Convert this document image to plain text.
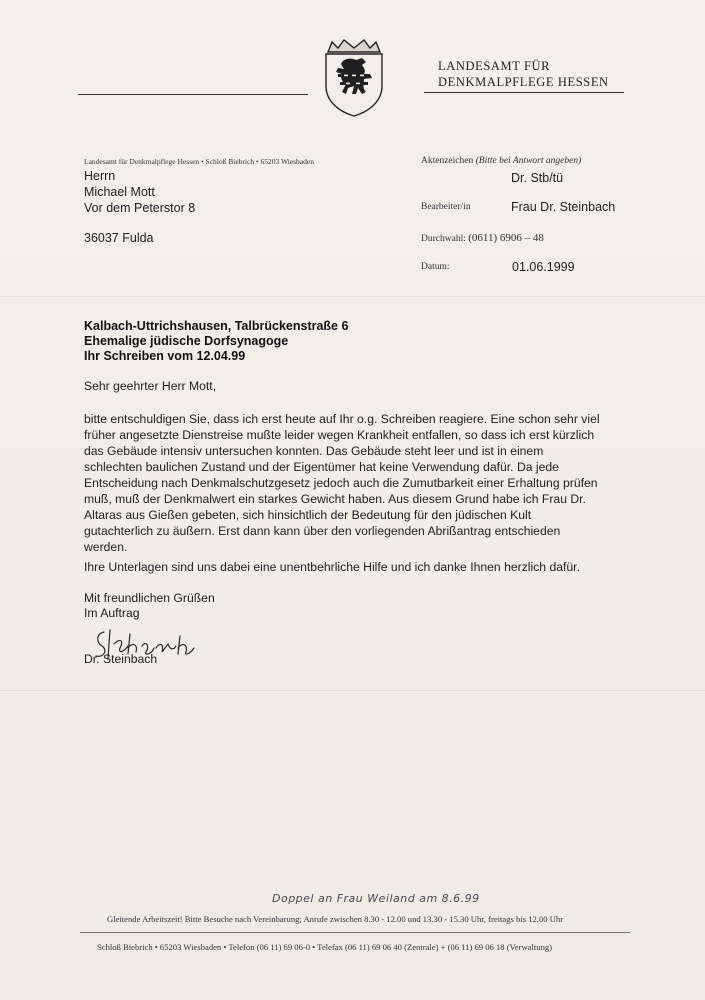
LANDESAMT FÜR
DENKMALPFLEGE HESSEN
Landesamt für Denkmalpflege Hessen • Schloß Biebrich • 65203 Wiesbaden
Herrn
Michael Mott
Vor dem Peterstor 8
36037 Fulda
Aktenzeichen (Bitte bei Antwort angeben)
Dr. Stb/tü
Bearbeiter/in	Frau Dr. Steinbach
Durchwahl: (0611) 6906 – 48
Datum:	01.06.1999
Kalbach-Uttrichshausen, Talbrückenstraße 6
Ehemalige jüdische Dorfsynagoge
Ihr Schreiben vom 12.04.99
Sehr geehrter Herr Mott,

bitte entschuldigen Sie, dass ich erst heute auf Ihr o.g. Schreiben reagiere. Eine schon sehr viel

früher angesetzte Dienstreise mußte leider wegen Krankheit entfallen, so dass ich erst kürzlich

das Gebäude intensiv untersuchen konnten. Das Gebäude steht leer und ist in einem

schlechten baulichen Zustand und der Eigentümer hat keine Verwendung dafür. Da jede

Entscheidung nach Denkmalschutzgesetz jedoch auch die Zumutbarkeit einer Erhaltung prüfen

muß, muß der Denkmalwert ein starkes Gewicht haben. Aus diesem Grund habe ich Frau Dr.

Altaras aus Gießen gebeten, sich hinsichtlich der Bedeutung für den jüdischen Kult

gutachterlich zu äußern. Erst dann kann über den vorliegenden Abrißantrag entschieden

werden.

Ihre Unterlagen sind uns dabei eine unentbehrliche Hilfe und ich danke Ihnen herzlich dafür.
Mit freundlichen Grüßen
Im Auftrag
Dr. Steinbach
Doppel an Frau Weiland am 8.6.99
Gleitende Arbeitszeit! Bitte Besuche nach Vereinbarung; Anrufe zwischen 8.30 - 12.00 und 13.30 - 15.30 Uhr, freitags bis 12.00 Uhr
Schloß Biebrich • 65203 Wiesbaden • Telefon (06 11) 69 06-0 • Telefax (06 11) 69 06 40 (Zentrale) + (06 11) 69 06 18 (Verwaltung)
